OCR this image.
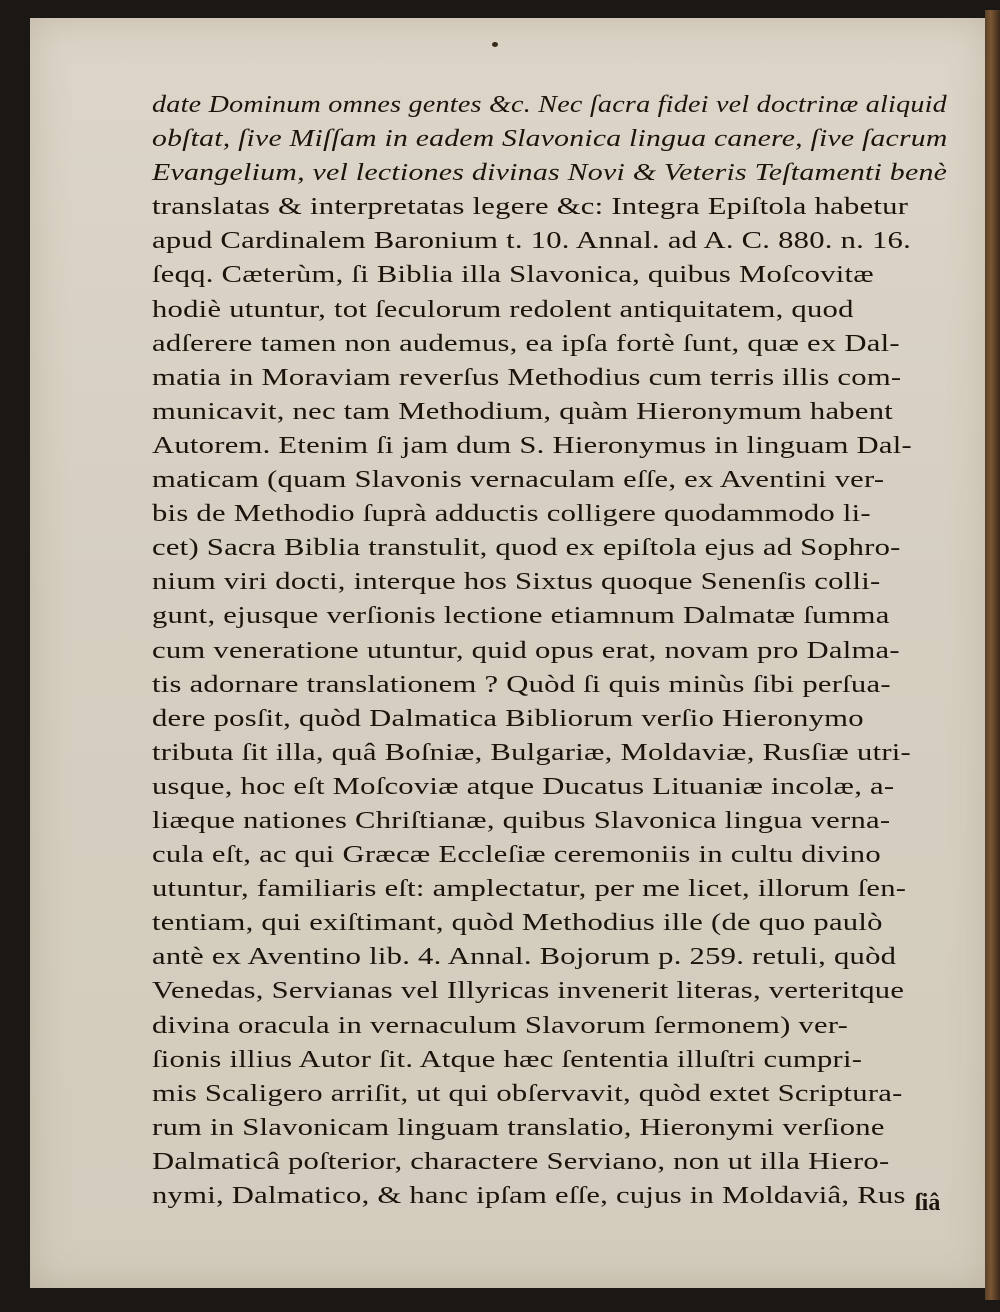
date Dominum omnes gentes &c. Nec ſacra fidei vel doctrinæ aliquid
obſtat, ſive Miſſam in eadem Slavonica lingua canere, ſive ſacrum
Evangelium, vel lectiones divinas Novi & Veteris Teſtamenti benè
translatas & interpretatas legere &c: Integra Epiſtola habetur
apud Cardinalem Baronium t. 10. Annal. ad A. C. 880. n. 16.
ſeqq. Cæterùm, ſi Biblia illa Slavonica, quibus Moſcovitæ
hodiè utuntur, tot ſeculorum redolent antiquitatem, quod
adſerere tamen non audemus, ea ipſa fortè ſunt, quæ ex Dal-
matia in Moraviam reverſus Methodius cum terris illis com-
municavit, nec tam Methodium, quàm Hieronymum habent
Autorem. Etenim ſi jam dum S. Hieronymus in linguam Dal-
maticam (quam Slavonis vernaculam eſſe, ex Aventini ver-
bis de Methodio ſuprà adductis colligere quodammodo li-
cet) Sacra Biblia transtulit, quod ex epiſtola ejus ad Sophro-
nium viri docti, interque hos Sixtus quoque Senenſis colli-
gunt, ejusque verſionis lectione etiamnum Dalmatæ ſumma
cum veneratione utuntur, quid opus erat, novam pro Dalma-
tis adornare translationem ? Quòd ſi quis minùs ſibi perſua-
dere posſit, quòd Dalmatica Bibliorum verſio Hieronymo
tributa ſit illa, quâ Boſniæ, Bulgariæ, Moldaviæ, Rusſiæ utri-
usque, hoc eſt Moſcoviæ atque Ducatus Lituaniæ incolæ, a-
liæque nationes Chriſtianæ, quibus Slavonica lingua verna-
cula eſt, ac qui Græcæ Eccleſiæ ceremoniis in cultu divino
utuntur, familiaris eſt: amplectatur, per me licet, illorum ſen-
tentiam, qui exiſtimant, quòd Methodius ille (de quo paulò
antè ex Aventino lib. 4. Annal. Bojorum p. 259. retuli, quòd
Venedas, Servianas vel Illyricas invenerit literas, verteritque
divina oracula in vernaculum Slavorum ſermonem) ver-
ſionis illius Autor ſit. Atque hæc ſententia illuſtri cumpri-
mis Scaligero arriſit, ut qui obſervavit, quòd extet Scriptura-
rum in Slavonicam linguam translatio, Hieronymi verſione
Dalmaticâ poſterior, charactere Serviano, non ut illa Hiero-
nymi, Dalmatico, & hanc ipſam eſſe, cujus in Moldaviâ, Rus ſiâ
